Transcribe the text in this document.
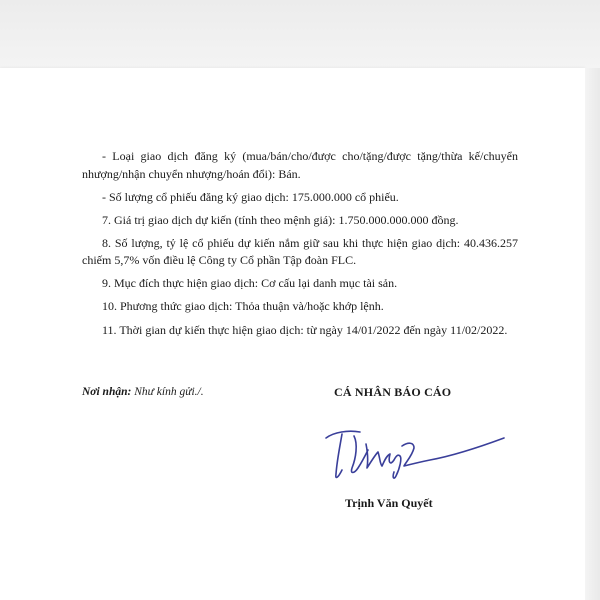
- Loại giao dịch đăng ký (mua/bán/cho/được cho/tặng/được tặng/thừa kế/chuyển nhượng/nhận chuyển nhượng/hoán đổi): Bán.

- Số lượng cổ phiếu đăng ký giao dịch: 175.000.000 cổ phiếu.

7. Giá trị giao dịch dự kiến (tính theo mệnh giá): 1.750.000.000.000 đồng.

8. Số lượng, tỷ lệ cổ phiếu dự kiến nắm giữ sau khi thực hiện giao dịch: 40.436.257 chiếm 5,7% vốn điều lệ Công ty Cổ phần Tập đoàn FLC.

9. Mục đích thực hiện giao dịch: Cơ cấu lại danh mục tài sản.

10. Phương thức giao dịch: Thỏa thuận và/hoặc khớp lệnh.

11. Thời gian dự kiến thực hiện giao dịch: từ ngày 14/01/2022 đến ngày 11/02/2022.

Nơi nhận: Như kính gửi./.	CÁ NHÂN BÁO CÁO
Trịnh Văn Quyết
